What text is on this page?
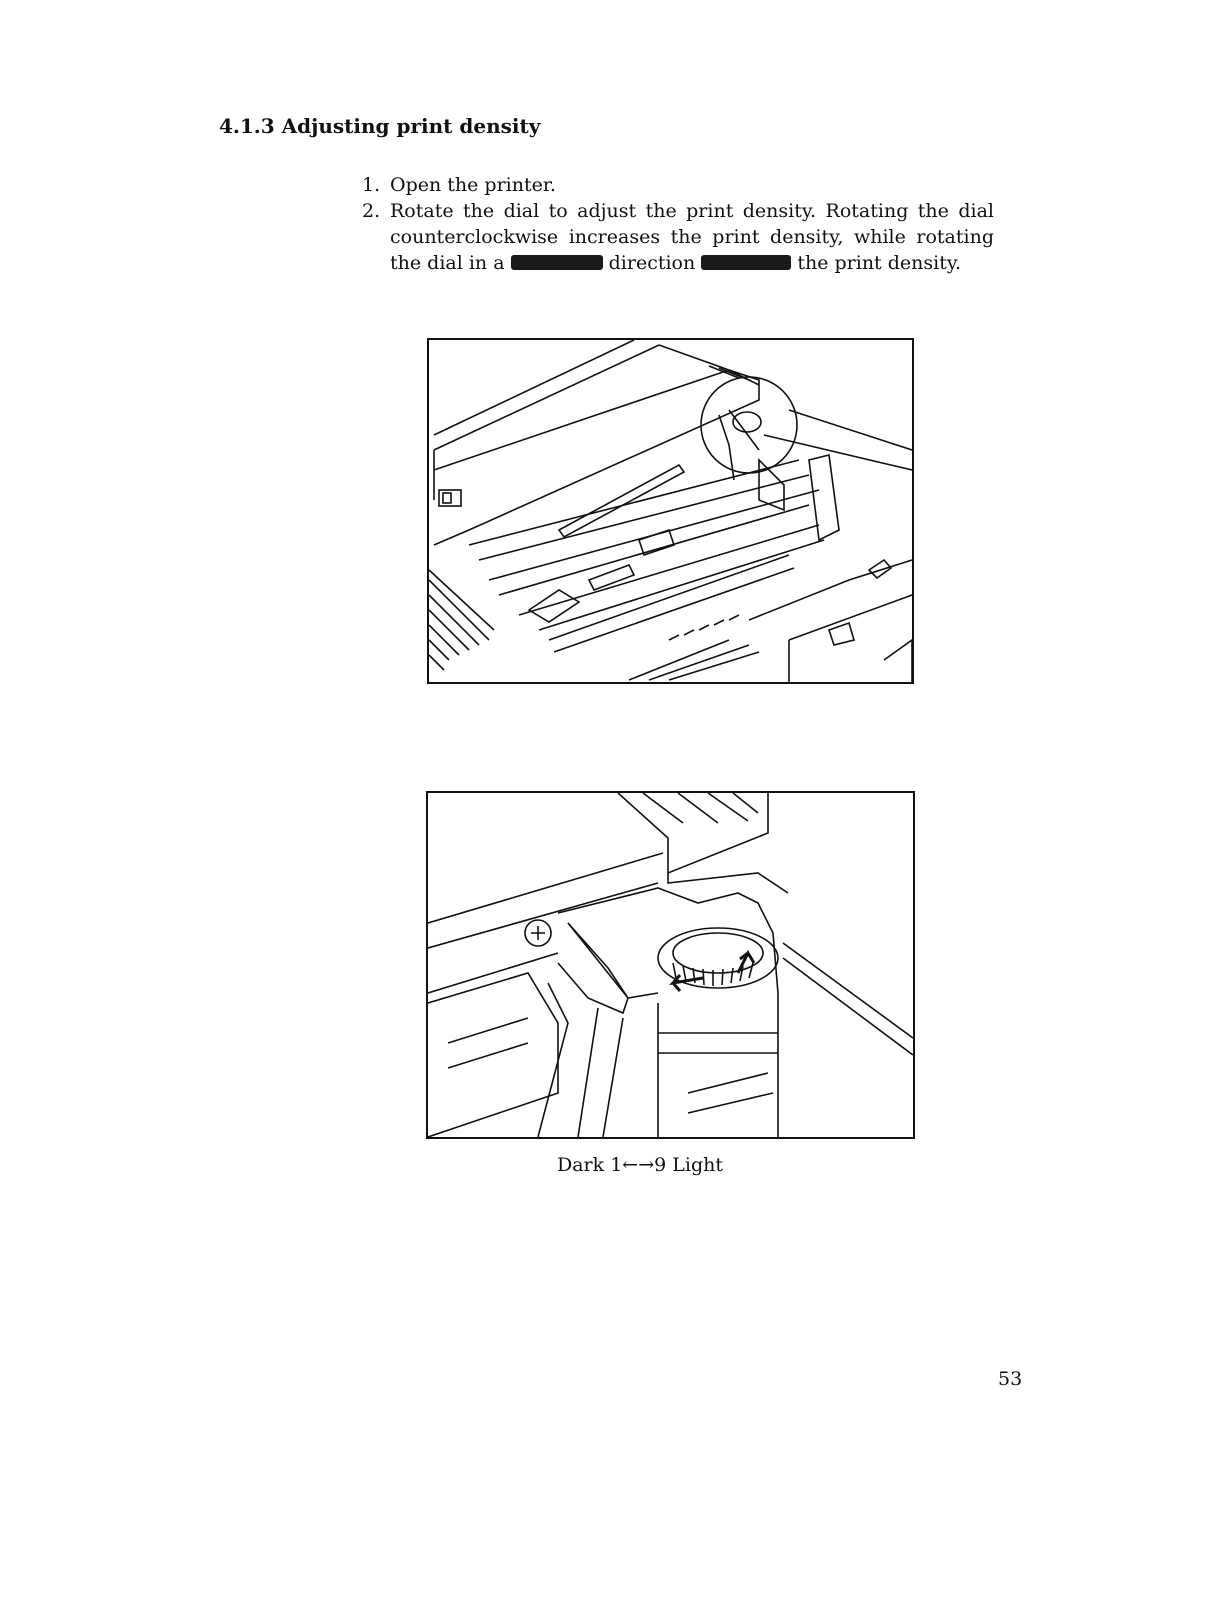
4.1.3 Adjusting print density
1. Open the printer.
2. Rotate the dial to adjust the print density. Rotating the dial counterclockwise increases the print density, while rotating the dial in a	direction	the print density.
Dark 1←→9 Light
53
